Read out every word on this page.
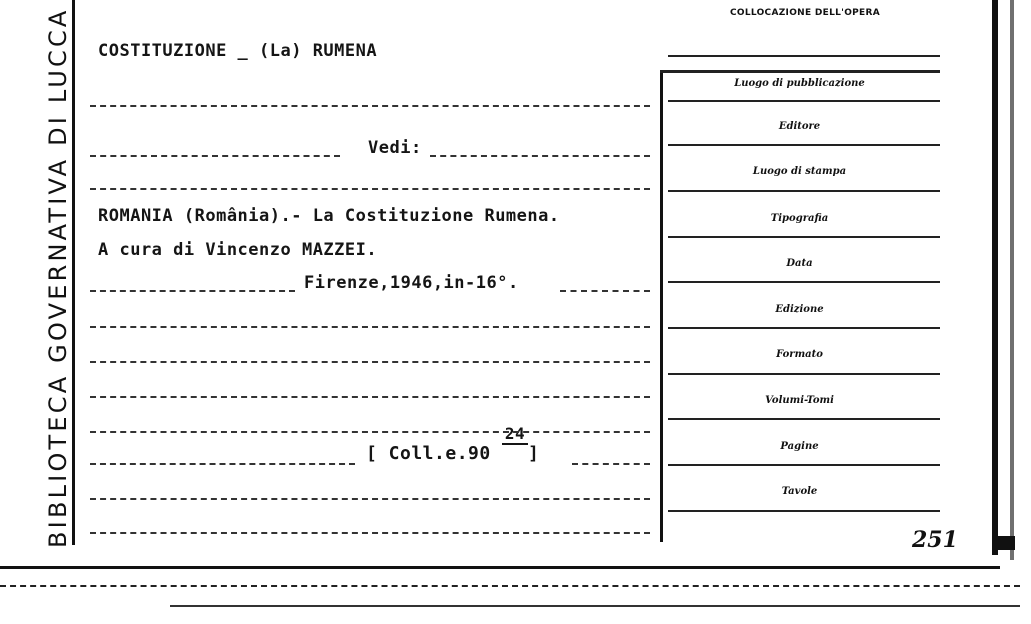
BIBLIOTECA GOVERNATIVA DI LUCCA COSTITUZIONE _ (La) RUMENA
Vedi:
ROMANIA (România).- La Costituzione Rumena.
A cura di Vincenzo MAZZEI.
Firenze,1946,in-16°.
[ Coll.e.90
24
]
COLLOCAZIONE DELL'OPERA
Luogo di pubblicazione
Editore
Luogo di stampa
Tipografia
Data
Edizione
Formato
Volumi-Tomi
Pagine
Tavole
251
